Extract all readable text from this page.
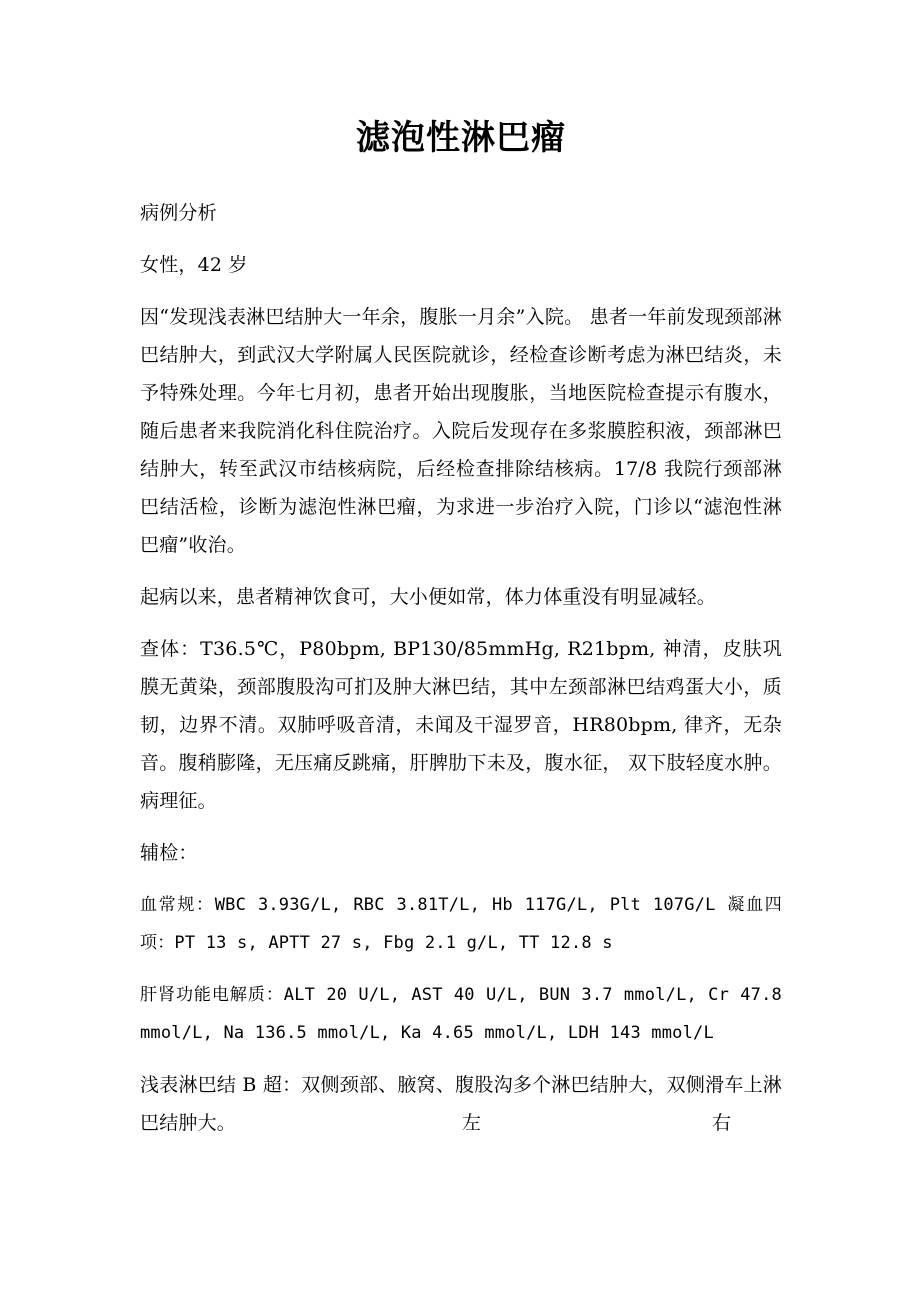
滤泡性淋巴瘤

病例分析

女性，42 岁

因“发现浅表淋巴结肿大一年余，腹胀一月余”入院。 患者一年前发现颈部淋巴结肿大，到武汉大学附属人民医院就诊，经检查诊断考虑为淋巴结炎，未予特殊处理。今年七月初，患者开始出现腹胀，当地医院检查提示有腹水，随后患者来我院消化科住院治疗。入院后发现存在多浆膜腔积液，颈部淋巴结肿大，转至武汉市结核病院，后经检查排除结核病。17/8 我院行颈部淋巴结活检，诊断为滤泡性淋巴瘤，为求进一步治疗入院，门诊以“滤泡性淋巴瘤”收治。

起病以来，患者精神饮食可，大小便如常，体力体重没有明显减轻。

查体：T36.5℃，P80bpm, BP130/85mmHg, R21bpm, 神清，皮肤巩膜无黄染，颈部腹股沟可扪及肿大淋巴结，其中左颈部淋巴结鸡蛋大小，质韧，边界不清。双肺呼吸音清，未闻及干湿罗音，HR80bpm, 律齐，无杂音。腹稍膨隆，无压痛反跳痛，肝脾肋下未及，腹水征， 双下肢轻度水肿。病理征。

辅检：

血常规：WBC 3.93G/L, RBC 3.81T/L, Hb 117G/L, Plt 107G/L 凝血四项：PT 13 s, APTT 27 s, Fbg 2.1 g/L, TT 12.8 s

肝肾功能电解质：ALT 20 U/L, AST 40 U/L, BUN 3.7 mmol/L, Cr 47.8 mmol/L, Na 136.5 mmol/L, Ka 4.65 mmol/L, LDH 143 mmol/L

浅表淋巴结 B 超：双侧颈部、腋窝、腹股沟多个淋巴结肿大，双侧滑车上淋巴结肿大。	左	右
